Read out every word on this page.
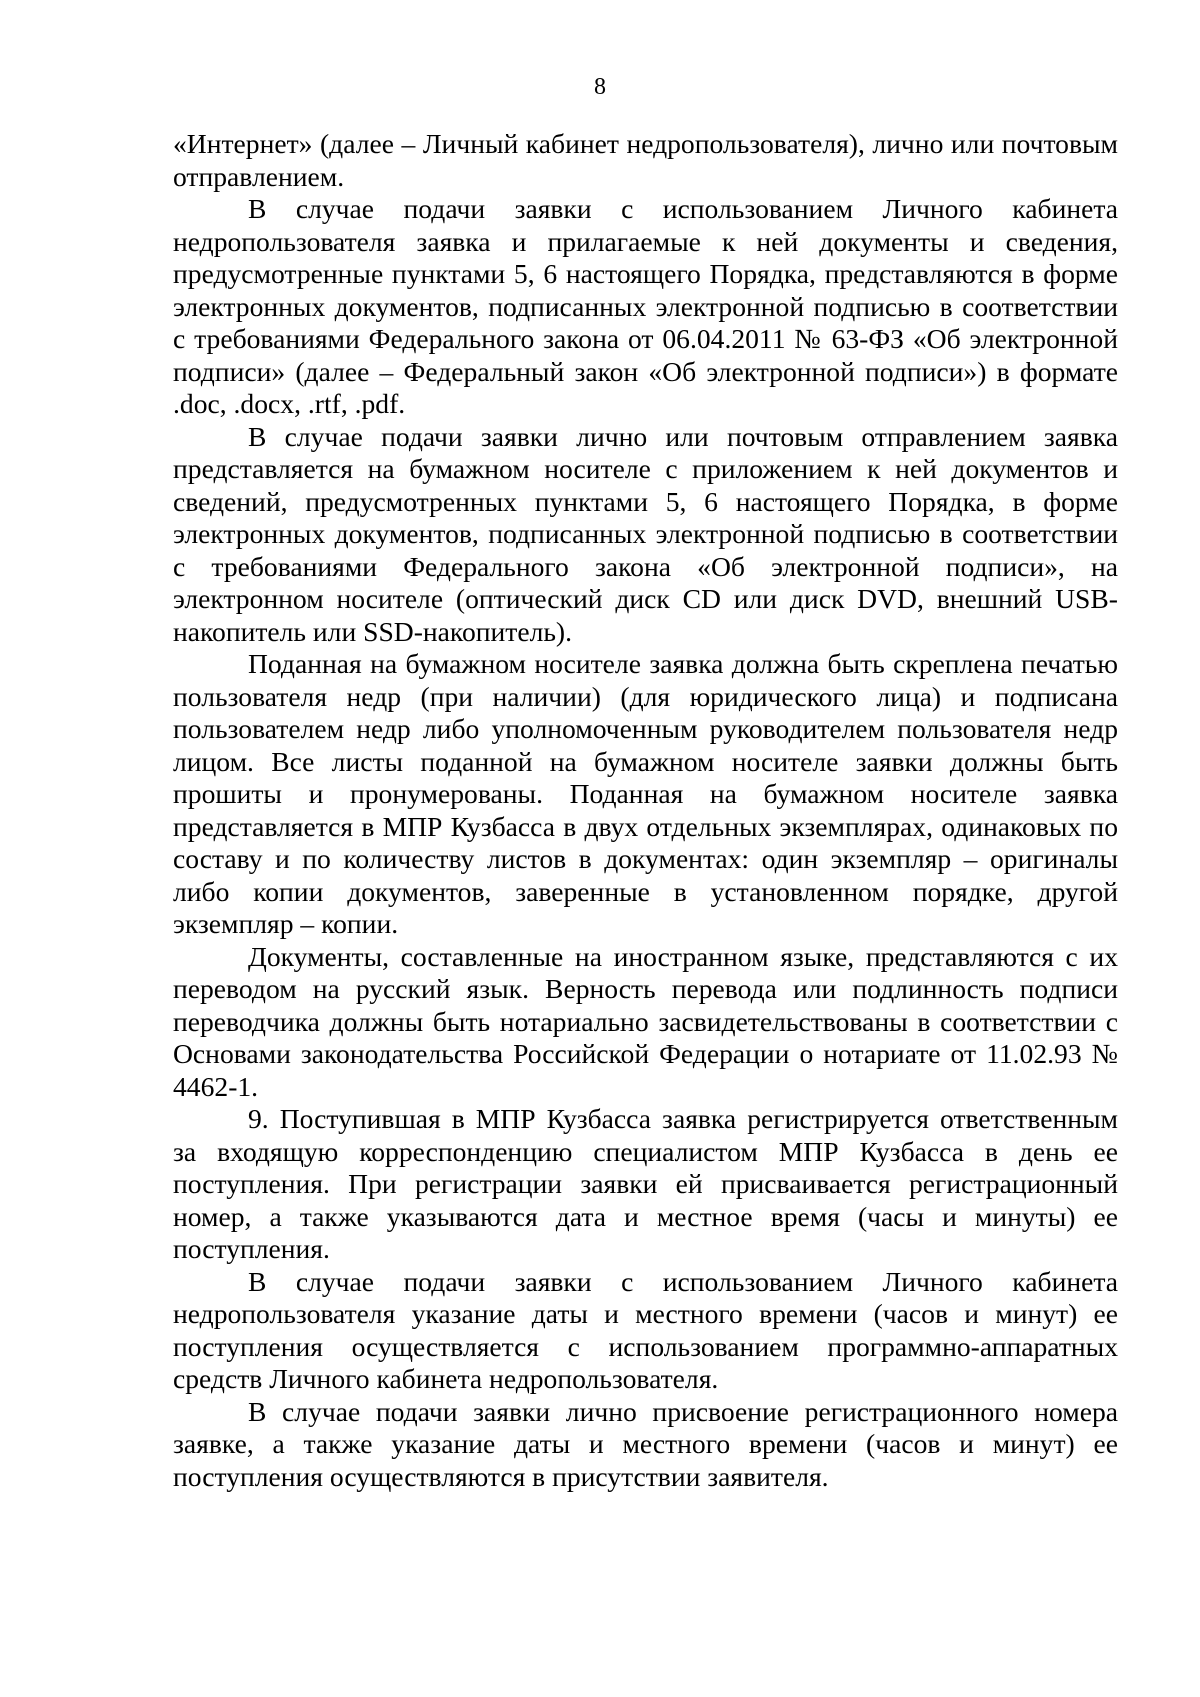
8

«Интернет» (далее – Личный кабинет недропользователя), лично или почтовым отправлением.

В случае подачи заявки с использованием Личного кабинета недропользователя заявка и прилагаемые к ней документы и сведения, предусмотренные пунктами 5, 6 настоящего Порядка, представляются в форме электронных документов, подписанных электронной подписью в соответствии с требованиями Федерального закона от 06.04.2011 № 63-ФЗ «Об электронной подписи» (далее – Федеральный закон «Об электронной подписи») в формате .doc, .docx, .rtf, .pdf.

В случае подачи заявки лично или почтовым отправлением заявка представляется на бумажном носителе с приложением к ней документов и сведений, предусмотренных пунктами 5, 6 настоящего Порядка, в форме электронных документов, подписанных электронной подписью в соответствии с требованиями Федерального закона «Об электронной подписи», на электронном носителе (оптический диск CD или диск DVD, внешний USB-накопитель или SSD-накопитель).

Поданная на бумажном носителе заявка должна быть скреплена печатью пользователя недр (при наличии) (для юридического лица) и подписана пользователем недр либо уполномоченным руководителем пользователя недр лицом. Все листы поданной на бумажном носителе заявки должны быть прошиты и пронумерованы. Поданная на бумажном носителе заявка представляется в МПР Кузбасса в двух отдельных экземплярах, одинаковых по составу и по количеству листов в документах: один экземпляр – оригиналы либо копии документов, заверенные в установленном порядке, другой экземпляр – копии.

Документы, составленные на иностранном языке, представляются с их переводом на русский язык. Верность перевода или подлинность подписи переводчика должны быть нотариально засвидетельствованы в соответствии с Основами законодательства Российской Федерации о нотариате от 11.02.93 № 4462-1.

9. Поступившая в МПР Кузбасса заявка регистрируется ответственным за входящую корреспонденцию специалистом МПР Кузбасса в день ее поступления. При регистрации заявки ей присваивается регистрационный номер, а также указываются дата и местное время (часы и минуты) ее поступления.

В случае подачи заявки с использованием Личного кабинета недропользователя указание даты и местного времени (часов и минут) ее поступления осуществляется с использованием программно-аппаратных средств Личного кабинета недропользователя.

В случае подачи заявки лично присвоение регистрационного номера заявке, а также указание даты и местного времени (часов и минут) ее поступления осуществляются в присутствии заявителя.
